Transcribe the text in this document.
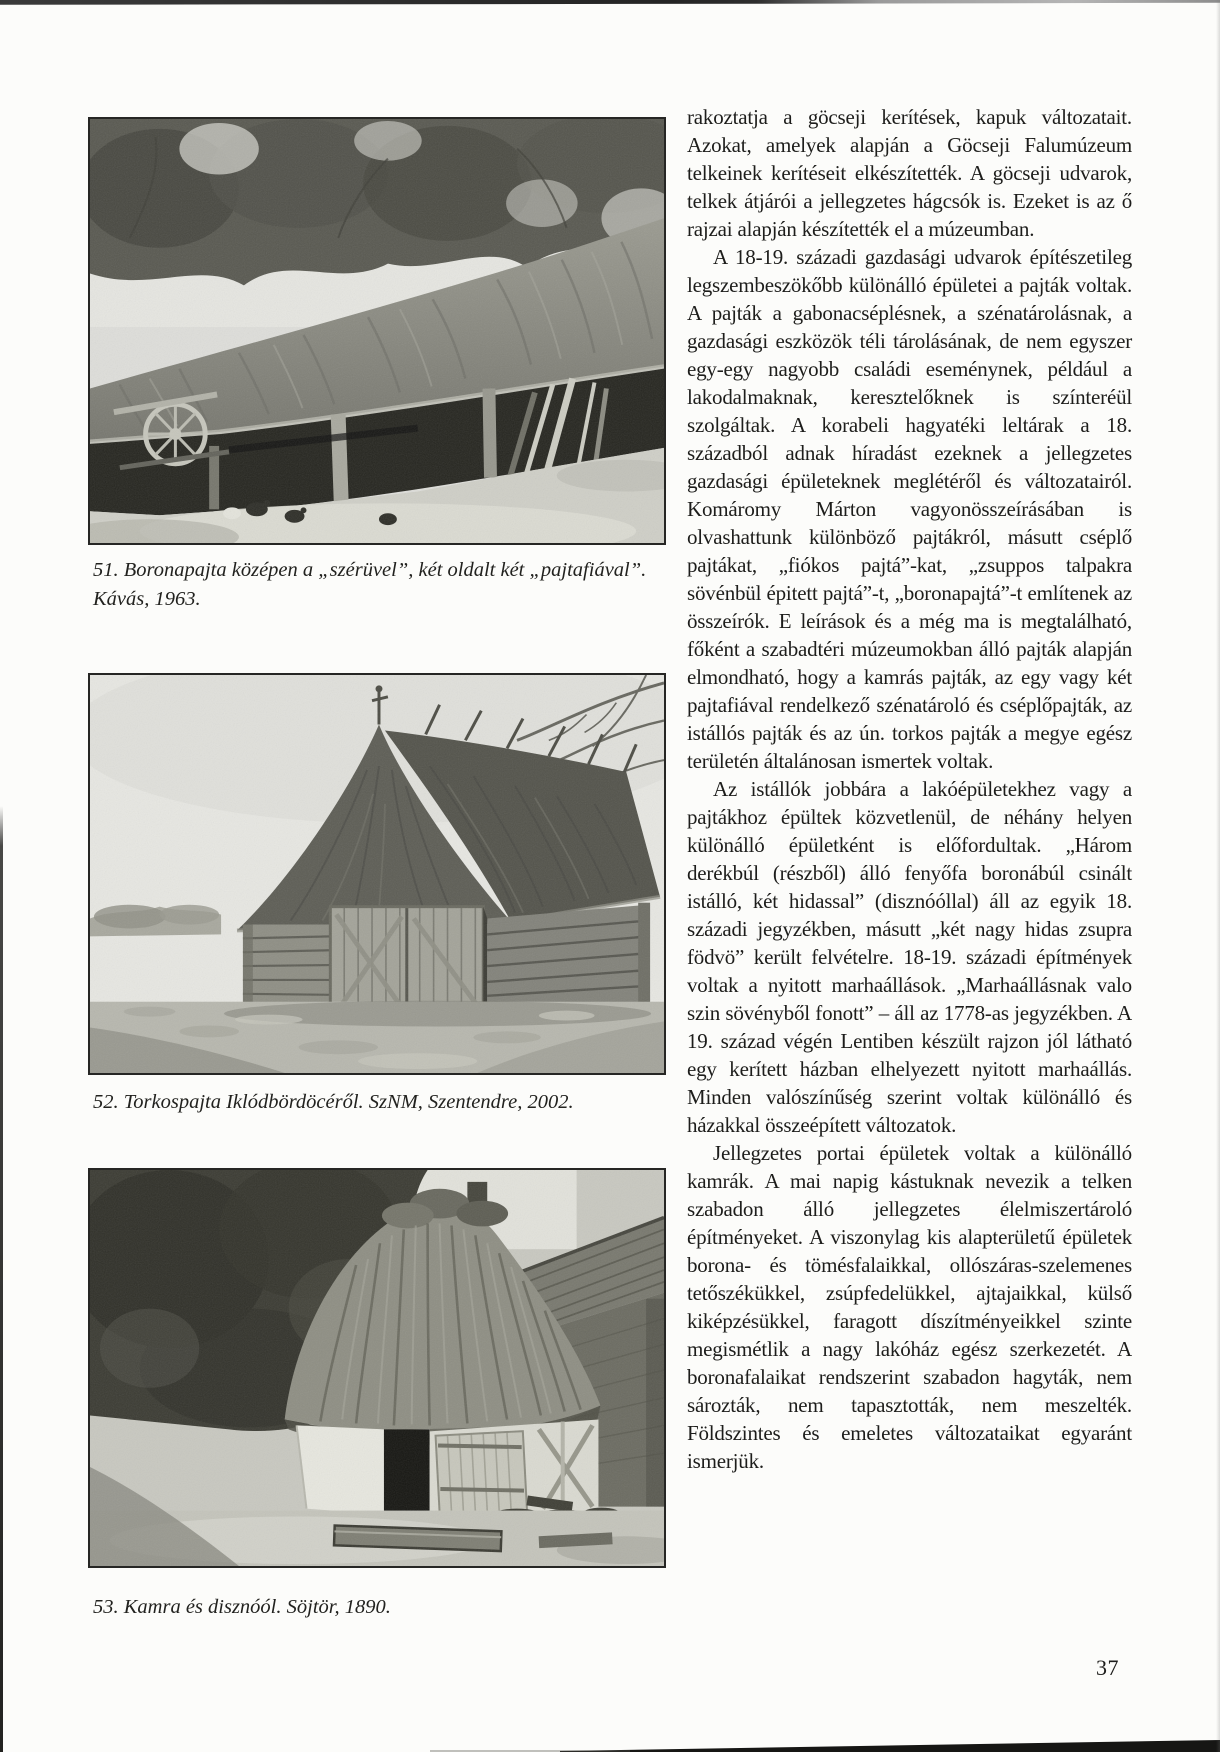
51. Boronapajta középen a „szérüvel”, két oldalt két „pajtafiával”.
Kávás, 1963.
52. Torkospajta Iklódbördöcéről. SzNM, Szentendre, 2002.
53. Kamra és disznóól. Söjtör, 1890.

rakoztatja a göcseji kerítések, kapuk változatait. Azokat, amelyek alapján a Göcseji Falumúzeum telkeinek kerítéseit elkészítették. A göcseji udvarok, telkek átjárói a jellegzetes hágcsók is. Ezeket is az ő rajzai alapján készítették el a múzeumban.

A 18-19. századi gazdasági udvarok építészetileg legszembeszökőbb különálló épületei a pajták voltak. A pajták a gabonacséplésnek, a szénatárolásnak, a gazdasági eszközök téli tárolásának, de nem egyszer egy-egy nagyobb családi eseménynek, például a lakodalmaknak, keresztelőknek is színteréül szolgáltak. A korabeli hagyatéki leltárak a 18. századból adnak híradást ezeknek a jellegzetes gazdasági épületeknek meglétéről és változatairól. Komáromy Márton vagyonösszeírásában is olvashattunk különböző pajtákról, másutt cséplő pajtákat, „fiókos pajtá”-kat, „zsuppos talpakra sövénbül épitett pajtá”-t, „boronapajtá”-t említenek az összeírók. E leírások és a még ma is megtalálható, főként a szabadtéri múzeumokban álló pajták alapján elmondható, hogy a kamrás pajták, az egy vagy két pajtafiával rendelkező szénatároló és cséplőpajták, az istállós pajták és az ún. torkos pajták a megye egész területén általánosan ismertek voltak.

Az istállók jobbára a lakóépületekhez vagy a pajtákhoz épültek közvetlenül, de néhány helyen különálló épületként is előfordultak. „Három derékbúl (részből) álló fenyőfa boronábúl csinált istálló, két hidassal” (disznóóllal) áll az egyik 18. századi jegyzékben, másutt „két nagy hidas zsupra födvö” került felvételre. 18-19. századi építmények voltak a nyitott marhaállások. „Marhaállásnak valo szin sövényből fonott” – áll az 1778-as jegyzékben. A 19. század végén Lentiben készült rajzon jól látható egy kerített házban elhelyezett nyitott marhaállás. Minden valószínűség szerint voltak különálló és házakkal összeépített változatok.

Jellegzetes portai épületek voltak a különálló kamrák. A mai napig kástuknak nevezik a telken szabadon álló jellegzetes élelmiszertároló építményeket. A viszonylag kis alapterületű épületek borona- és tömésfalaikkal, ollószáras-szelemenes tetőszékükkel, zsúpfedelükkel, ajtajaikkal, külső kiképzésükkel, faragott díszítményeikkel szinte megismétlik a nagy lakóház egész szerkezetét. A boronafalaikat rendszerint szabadon hagyták, nem sározták, nem tapasztották, nem meszelték. Földszintes és emeletes változataikat egyaránt ismerjük.

37
